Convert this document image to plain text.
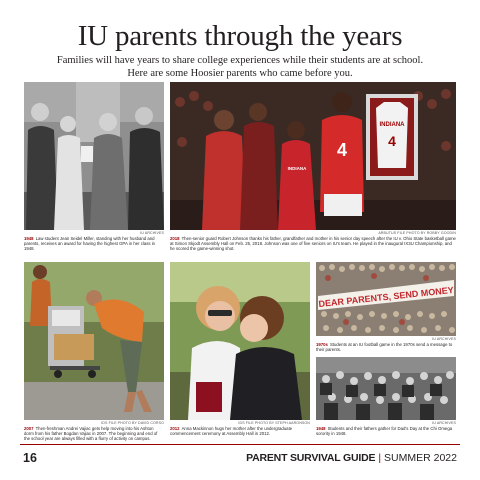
IU parents through the years
Families will have years to share college experiences while their students are at school.
Here are some Hoosier parents who came before you.
IU ARCHIVES
1948 Law student Jean Seidel Miller, standing with her husband and parents, receives an award for having the highest GPA in her class in 1948.
INDIANA
4
INDIANA
4
ARBUTUS FILE PHOTO BY ROBBY GOODIN
2018 Then-senior guard Robert Johnson thanks his father, grandfather and mother in his senior day speech after the IU v. Ohio State basketball game at Simon Skjodt Assembly Hall on Feb. 25, 2018. Johnson was one of five seniors on IU's team. He played in the inaugural IX3U Championship, and he scored the game-winning shot.
IDS FILE PHOTO BY DAVID CORSO
2007 Then-freshman Andrei Vajiac gets help moving into his Ashton dorm from his father Bogdan Vajiac in 2007. The beginning and end of the school year are always filled with a flurry of activity on campus.
IDS FILE PHOTO BY STEPH AARONSON
2012 Anna Mackinnon hugs her mother after the undergraduate commencement ceremony at Assembly Hall in 2012.
DEAR PARENTS, SEND MONEY
IU ARCHIVES
1970s Students at an IU football game in the 1970s send a message to their parents.
IU ARCHIVES
1948 Students and their fathers gather for Dad's Day at the Chi Omega sorority in 1948.
16	PARENT SURVIVAL GUIDE | SUMMER 2022
